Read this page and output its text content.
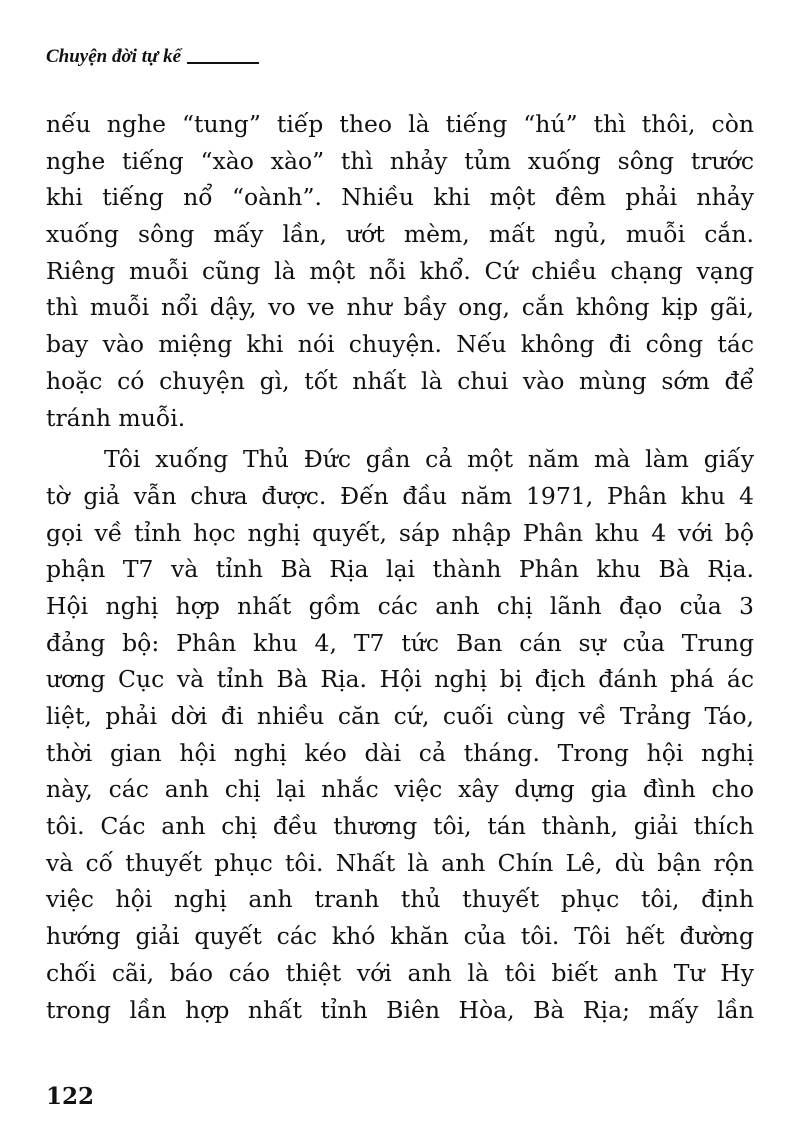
Chuyện đời tự kể
nếu nghe “tung” tiếp theo là tiếng “hú” thì thôi, còn
nghe tiếng “xào xào” thì nhảy tủm xuống sông trước
khi tiếng nổ “oành”. Nhiều khi một đêm phải nhảy
xuống sông mấy lần, ướt mèm, mất ngủ, muỗi cắn.
Riêng muỗi cũng là một nỗi khổ. Cứ chiều chạng vạng
thì muỗi nổi dậy, vo ve như bầy ong, cắn không kịp gãi,
bay vào miệng khi nói chuyện. Nếu không đi công tác
hoặc có chuyện gì, tốt nhất là chui vào mùng sớm để
tránh muỗi.
Tôi xuống Thủ Đức gần cả một năm mà làm giấy
tờ giả vẫn chưa được. Đến đầu năm 1971, Phân khu 4
gọi về tỉnh học nghị quyết, sáp nhập Phân khu 4 với bộ
phận T7 và tỉnh Bà Rịa lại thành Phân khu Bà Rịa.
Hội nghị hợp nhất gồm các anh chị lãnh đạo của 3
đảng bộ: Phân khu 4, T7 tức Ban cán sự của Trung
ương Cục và tỉnh Bà Rịa. Hội nghị bị địch đánh phá ác
liệt, phải dời đi nhiều căn cứ, cuối cùng về Trảng Táo,
thời gian hội nghị kéo dài cả tháng. Trong hội nghị
này, các anh chị lại nhắc việc xây dựng gia đình cho
tôi. Các anh chị đều thương tôi, tán thành, giải thích
và cố thuyết phục tôi. Nhất là anh Chín Lê, dù bận rộn
việc hội nghị anh tranh thủ thuyết phục tôi, định
hướng giải quyết các khó khăn của tôi. Tôi hết đường
chối cãi, báo cáo thiệt với anh là tôi biết anh Tư Hy
trong lần hợp nhất tỉnh Biên Hòa, Bà Rịa; mấy lần
122
